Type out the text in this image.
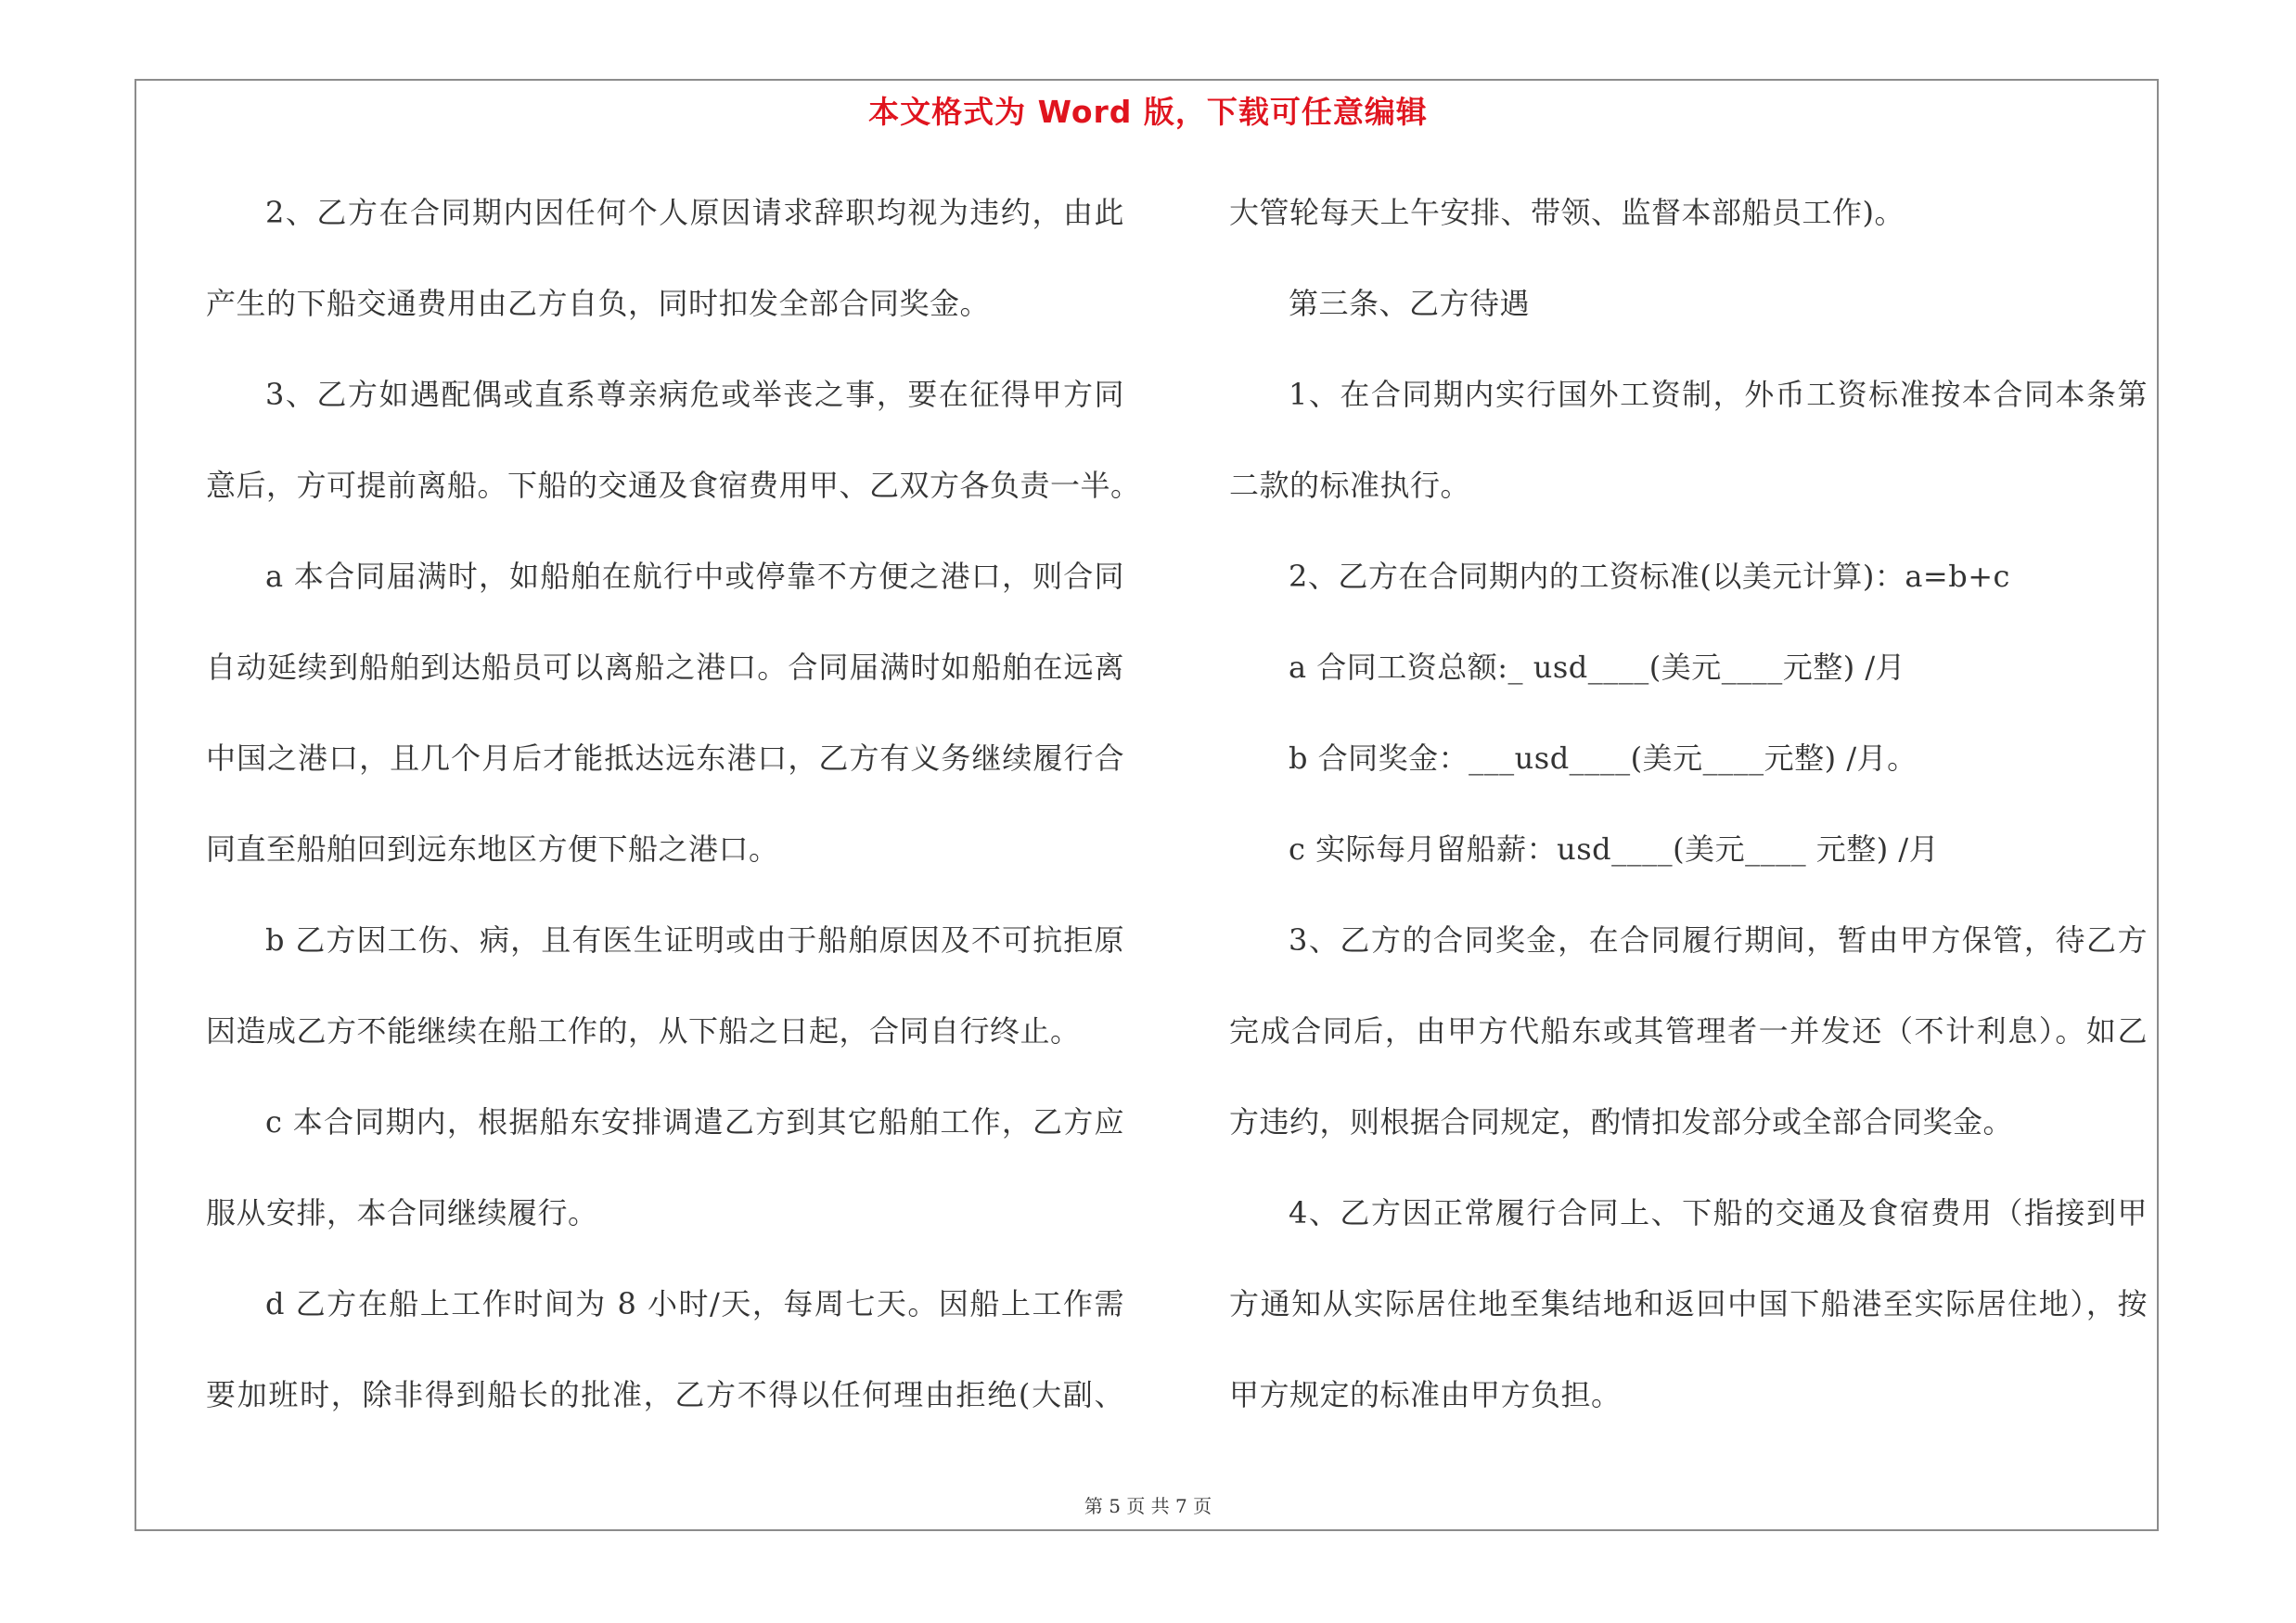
本文格式为 Word 版，下载可任意编辑
2、乙方在合同期内因任何个人原因请求辞职均视为违约，由此
产生的下船交通费用由乙方自负，同时扣发全部合同奖金。
3、乙方如遇配偶或直系尊亲病危或举丧之事，要在征得甲方同
意后，方可提前离船。下船的交通及食宿费用甲、乙双方各负责一半。
a 本合同届满时，如船舶在航行中或停靠不方便之港口，则合同
自动延续到船舶到达船员可以离船之港口。合同届满时如船舶在远离
中国之港口，且几个月后才能抵达远东港口，乙方有义务继续履行合
同直至船舶回到远东地区方便下船之港口。
b 乙方因工伤、病，且有医生证明或由于船舶原因及不可抗拒原
因造成乙方不能继续在船工作的，从下船之日起，合同自行终止。
c 本合同期内，根据船东安排调遣乙方到其它船舶工作，乙方应
服从安排，本合同继续履行。
d 乙方在船上工作时间为 8 小时/天，每周七天。因船上工作需
要加班时，除非得到船长的批准，乙方不得以任何理由拒绝(大副、
大管轮每天上午安排、带领、监督本部船员工作)。
第三条、乙方待遇
1、在合同期内实行国外工资制，外币工资标准按本合同本条第
二款的标准执行。
2、乙方在合同期内的工资标准(以美元计算)：a=b+c
a 合同工资总额:_ usd____(美元____元整) /月
b 合同奖金：___usd____(美元____元整) /月。
c 实际每月留船薪：usd____(美元____ 元整) /月
3、乙方的合同奖金，在合同履行期间，暂由甲方保管，待乙方
完成合同后，由甲方代船东或其管理者一并发还（不计利息）。如乙
方违约，则根据合同规定，酌情扣发部分或全部合同奖金。
4、乙方因正常履行合同上、下船的交通及食宿费用（指接到甲
方通知从实际居住地至集结地和返回中国下船港至实际居住地），按
甲方规定的标准由甲方负担。
第 5 页 共 7 页
